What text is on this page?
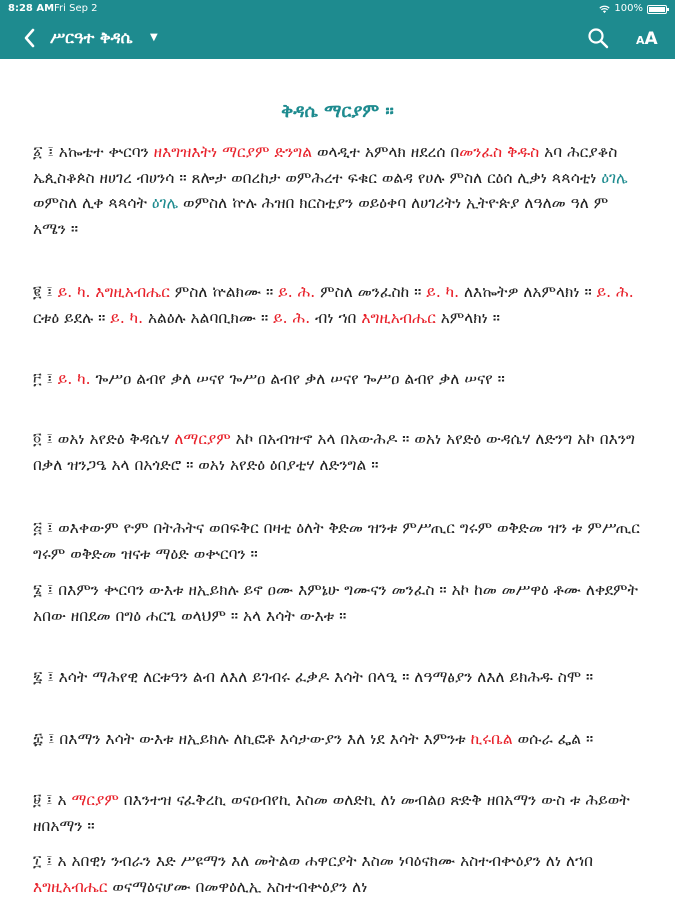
8:28 AM Fri Sep 2	100%
ሥርዓተ ቅዳሴ ▼	AA
ቅዳሴ ማርያም ።

፩ ፤ አኰቴተ ቍርባን ዘእግዝእትነ ማርያም ድንግል ወላዲተ አምላክ ዘደረሰ በመንፈስ ቅዱስ አባ ሕርያቆስ ኤጲስቆጶስ ዘሀገረ ብሀንሳ ። ጸሎታ ወበረከታ ወምሕረተ ፍቁር ወልዳ የሀሉ ምስለ ርዕሰ ሊቃነ ጳጳሳቲነ ዕገሌ ወምስለ ሊቀ ጳጳሳት ዕገሌ ወምስለ ኵሉ ሕዝበ ክርስቲያን ወይዕቀባ ለሀገሪትነ ኢትዮጵያ ለዓለመ ዓለ ም አሜን ።

፪ ፤ ይ. ካ. እግዚአብሔር ምስለ ኵልክሙ ። ይ. ሕ. ምስለ መንፈስከ ። ይ. ካ. ለእኰትዎ ለአምላክነ ። ይ. ሕ. ርቱዕ ይደሉ ። ይ. ካ. አልዕሉ አልባቢክሙ ። ይ. ሕ. ብነ ኀበ እግዚአብሔር አምላክነ ።

፫ ፤ ይ. ካ. ጐሥዐ ልብየ ቃለ ሠናየ ጐሥዐ ልብየ ቃለ ሠናየ ጐሥዐ ልብየ ቃለ ሠናየ ።

፬ ፤ ወአነ አየድዕ ቅዳሴሃ ለማርያም አኮ በአብዝኆ አላ በአውሕዶ ። ወአነ አየድዕ ውዳሴሃ ለድንግ አኮ በእንግ በቃለ ዝንጋዔ አላ በአጎድሮ ። ወአነ አየድዕ ዕበያቲሃ ለድንግል ።

፭ ፤ ወእቀውም ዮም በትሕትና ወበፍቅር በዛቲ ዕለት ቅድመ ዝንቱ ምሥጢር ግሩም ወቅድመ ዝን ቱ ምሥጢር ግሩም ወቅድመ ዝናቱ ማዕድ ወቍርባን ።

፮ ፤ በእምን ቍርባን ውእቱ ዘኢይክሉ ይኖ ዐሙ እምኔሁ ግሙናን መንፈስ ። አኮ ከመ መሥዋዕ ቶሙ ለቀደምት አበው ዘበደመ በግዕ ሐርጌ ወላህም ። አላ እሳት ውእቱ ።

፯ ፤ እሳት ማሕየዊ ለርቱዓን ልብ ለእለ ይገብሩ ፈቃዶ እሳት በላዒ ። ለዓማፅያን ለእለ ይክሕዱ ስሞ ።

፰ ፤ በእማን እሳት ውእቱ ዘኢይክሉ ለኪፎቶ እሳታውያን እለ ነደ እሳት እምንቱ ኪሩቤል ወሱራ ፌል ።

፱ ፤ አ ማርያም በእንተዝ ናፈቅረኪ ወናዐብየኪ እስመ ወለድኪ ለነ መብልዐ ጽድቅ ዘበአማን ውስ ቱ ሕይወት ዘበአማን ።

፲ ፤ አ አበዊነ ንብራን እድ ሥዩማን እለ መትልወ ሐዋርያት እስመ ነባዕናክሙ አስተብቍዕያን ለነ ለኀበ እግዚአብሔር ወናማዕናሆሙ በመዋዕሊኢ አስተብቍዕያን ለነ
